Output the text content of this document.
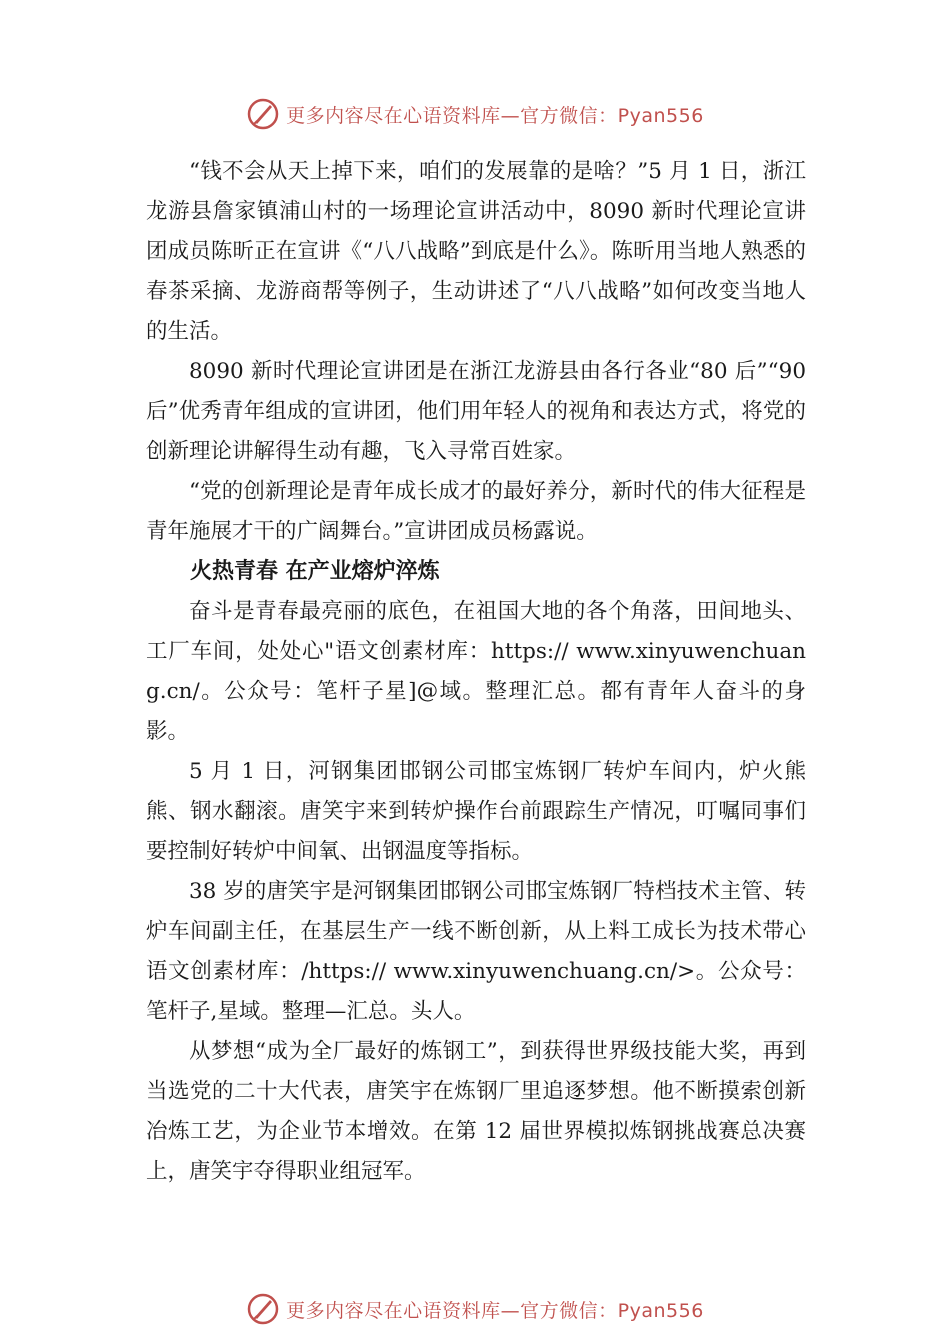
更多内容尽在心语资料库—官方微信：Pyan556

“钱不会从天上掉下来，咱们的发展靠的是啥？”5 月 1 日，浙江龙游县詹家镇浦山村的一场理论宣讲活动中，8090 新时代理论宣讲团成员陈昕正在宣讲《“八八战略”到底是什么》。陈昕用当地人熟悉的春茶采摘、龙游商帮等例子，生动讲述了“八八战略”如何改变当地人的生活。

8090 新时代理论宣讲团是在浙江龙游县由各行各业“80 后”“90 后”优秀青年组成的宣讲团，他们用年轻人的视角和表达方式，将党的创新理论讲解得生动有趣，飞入寻常百姓家。

“党的创新理论是青年成长成才的最好养分，新时代的伟大征程是青年施展才干的广阔舞台。”宣讲团成员杨露说。

火热青春 在产业熔炉淬炼

奋斗是青春最亮丽的底色，在祖国大地的各个角落，田间地头、工厂车间，处处心"语文创素材库：https:// www.xinyuwenchuang.cn/。公众号：笔杆子星]@域。整理汇总。都有青年人奋斗的身影。

5 月 1 日，河钢集团邯钢公司邯宝炼钢厂转炉车间内，炉火熊熊、钢水翻滚。唐笑宇来到转炉操作台前跟踪生产情况，叮嘱同事们要控制好转炉中间氧、出钢温度等指标。

38 岁的唐笑宇是河钢集团邯钢公司邯宝炼钢厂特档技术主管、转炉车间副主任，在基层生产一线不断创新，从上料工成长为技术带心语文创素材库：/https:// www.xinyuwenchuang.cn/>。公众号：笔杆子,星域。整理—汇总。头人。

从梦想“成为全厂最好的炼钢工”，到获得世界级技能大奖，再到当选党的二十大代表，唐笑宇在炼钢厂里追逐梦想。他不断摸索创新冶炼工艺，为企业节本增效。在第 12 届世界模拟炼钢挑战赛总决赛上，唐笑宇夺得职业组冠军。

更多内容尽在心语资料库—官方微信：Pyan556
